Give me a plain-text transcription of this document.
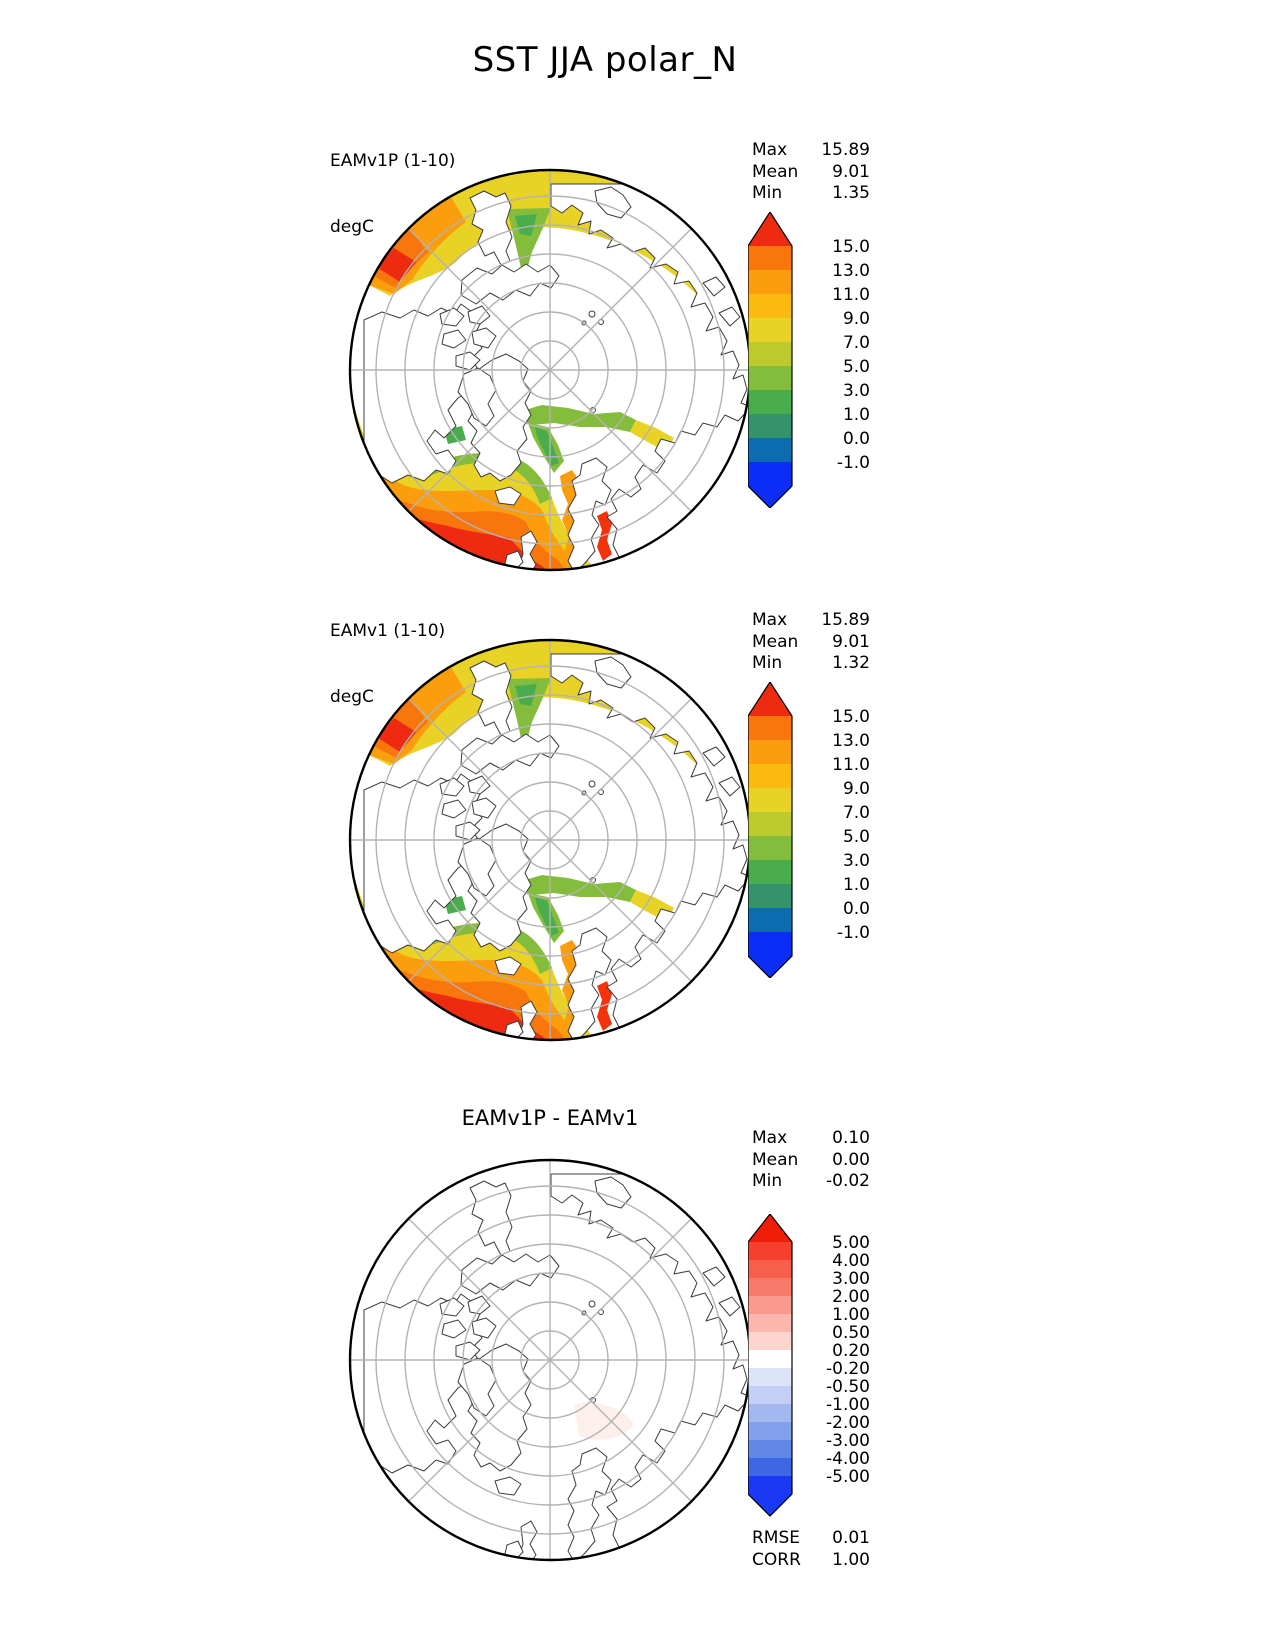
SST JJA polar_N

EAMv1P (1-10)

degC

Max 15.89
Mean 9.01
Min	1.35
15.0
13.0
11.0
9.0
7.0
5.0
3.0
1.0
0.0
-1.0

EAMv1 (1-10)

degC

Max 15.89
Mean 9.01
Min	1.32
15.0
13.0
11.0
9.0
7.0
5.0
3.0
1.0
0.0
-1.0
EAMv1P - EAMv1
Max	0.10
Mean 0.00
Min	-0.02
5.00
4.00
3.00
2.00
1.00
0.50
0.20
-0.20
-0.50
-1.00
-2.00
-3.00
-4.00
-5.00
RMSE 0.01
CORR 1.00
